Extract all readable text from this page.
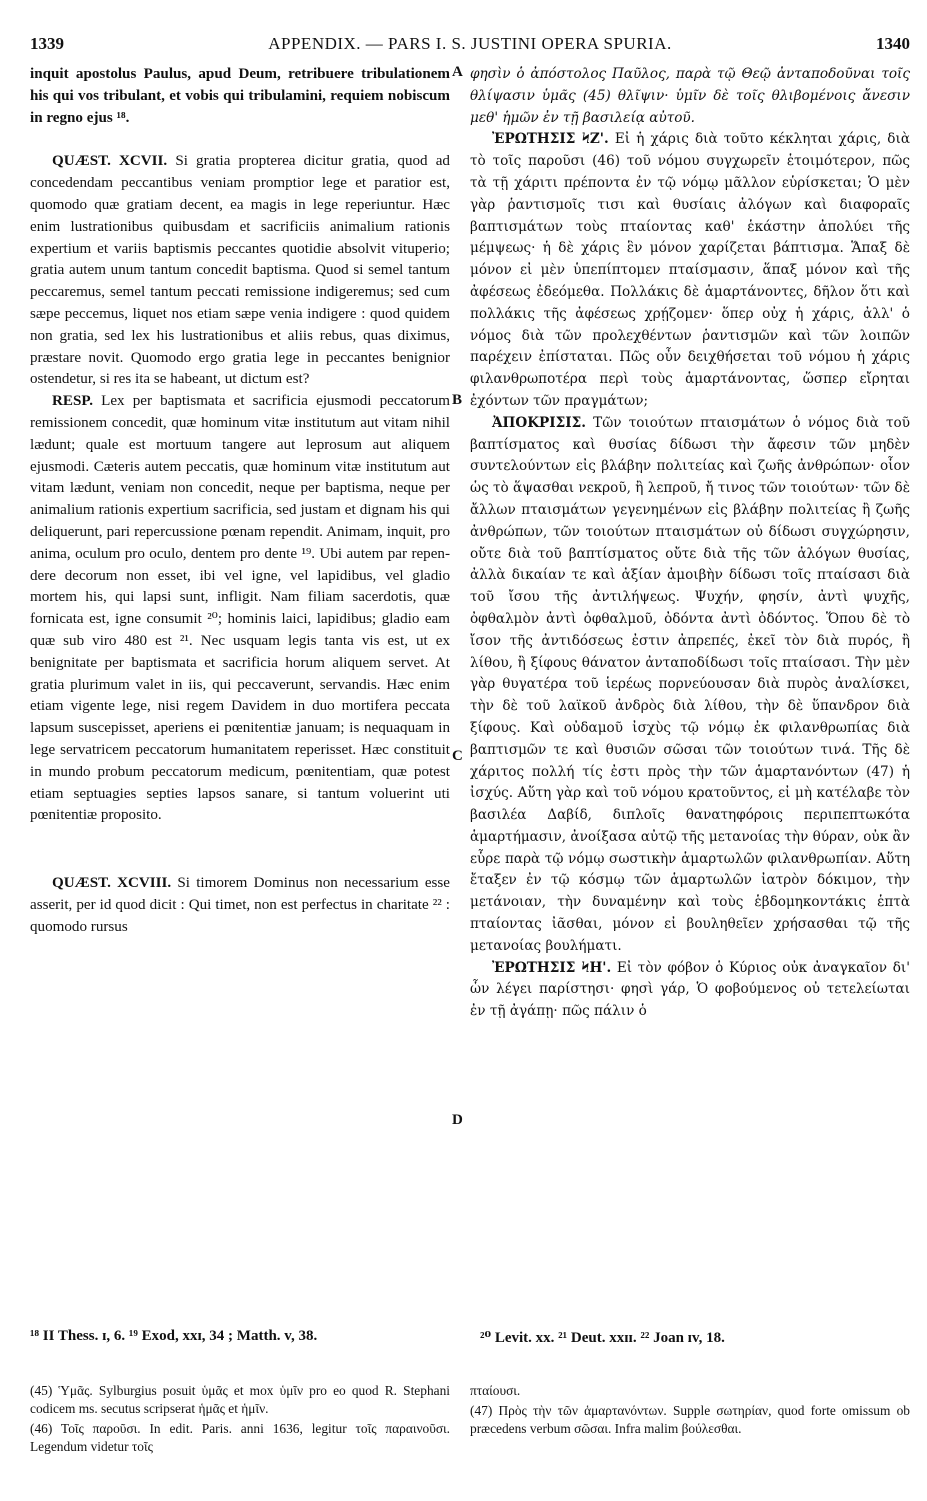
1339	APPENDIX. — PARS I. S. JUSTINI OPERA SPURIA.	1340

inquit apostolus Paulus, apud Deum, retribuere tribulationem his qui vos tribulant, et vobis qui tribulamini, requiem nobiscum in regno ejus ¹⁸.

QUÆST. XCVII. Si gratia propterea dicitur gratia, quod ad concedendam peccantibus veniam promptior lege et paratior est, quomodo quæ gratiam decent, ea magis in lege reperiuntur. Hæc enim lustrationibus quibusdam et sacrificiis animalium rationis expertium et variis baptismis peccantes quotidie absolvit vituperio; gratia autem unum tantum concedit baptisma. Quod si semel tantum peccaremus, semel tantum peccati remissione indigeremus; sed cum sæpe peccemus, liquet nos etiam sæpe venia indigere : quod quidem non gratia, sed lex his lustrationibus et aliis rebus, quas diximus, præstare novit. Quomodo ergo gratia lege in peccantes benignior ostendetur, si res ita se habeant, ut dictum est?

RESP. Lex per baptismata et sacrificia ejusmodi peccatorum remissionem concedit, quæ hominum vitæ institutum aut vitam nihil lædunt; quale est mortuum tangere aut leprosum aut aliquem ejusmodi. Cæteris autem peccatis, quæ hominum vitæ institutum aut vitam lædunt, veniam non concedit, neque per baptisma, neque per animalium rationis expertium sacrificia, sed justam et dignam his qui deliquerunt, pari repercussione pœnam rependit. Animam, inquit, pro anima, oculum pro oculo, dentem pro dente ¹⁹. Ubi autem par rependere decorum non esset, ibi vel igne, vel lapidibus, vel gladio mortem his, qui lapsi sunt, infligit. Nam filiam sacerdotis, quæ fornicata est, igne consumit ²⁰; hominis laici, lapidibus; gladio eam quæ sub viro 480 est ²¹. Nec usquam legis tanta vis est, ut ex benignitate per baptismata et sacrificia horum aliquem servet. At gratia plurimum valet in iis, qui peccaverunt, servandis. Hæc enim etiam vigente lege, nisi regem Davidem in duo mortifera peccata lapsum suscepisset, aperiens ei pœnitentiæ januam; is nequaquam in lege servatricem peccatorum humanitatem reperisset. Hæc constituit in mundo probum peccatorum medicum, pœnitentiam, quæ potest etiam septuagies septies lapsos sanare, si tantum voluerint uti pœnitentiæ proposito.

QUÆST. XCVIII. Si timorem Dominus non necessarium esse asserit, per id quod dicit : Qui timet, non est perfectus in charitate ²² : quomodo rursus

A
B
C
D

φησὶν ὁ ἀπόστολος Παῦλος, παρὰ τῷ Θεῷ ἀνταποδοῦναι τοῖς θλίψασιν ὑμᾶς (45) θλῖψιν· ὑμῖν δὲ τοῖς θλιβομένοις ἄνεσιν μεθ' ἡμῶν ἐν τῇ βασιλείᾳ αὐτοῦ.

ἘΡΩΤΗΣΙΣ ϞΖ'. Εἰ ἡ χάρις διὰ τοῦτο κέκληται χάρις, διὰ τὸ τοῖς παροῦσι (46) τοῦ νόμου συγχωρεῖν ἑτοιμότερον, πῶς τὰ τῇ χάριτι πρέποντα ἐν τῷ νόμῳ μᾶλλον εὑρίσκεται; Ὁ μὲν γὰρ ῥαντισμοῖς τισι καὶ θυσίαις ἀλόγων καὶ διαφοραῖς βαπτισμάτων τοὺς πταίοντας καθ' ἑκάστην ἀπολύει τῆς μέμψεως· ἡ δὲ χάρις ἓν μόνον χαρίζεται βάπτισμα. Ἅπαξ δὲ μόνον εἰ μὲν ὑπεπίπτομεν πταίσμασιν, ἅπαξ μόνον καὶ τῆς ἀφέσεως ἐδεόμεθα. Πολλάκις δὲ ἁμαρτάνοντες, δῆλον ὅτι καὶ πολλάκις τῆς ἀφέσεως χρῄζομεν· ὅπερ οὐχ ἡ χάρις, ἀλλ' ὁ νόμος διὰ τῶν προλεχθέντων ῥαντισμῶν καὶ τῶν λοιπῶν παρέχειν ἐπίσταται. Πῶς οὖν δειχθήσεται τοῦ νόμου ἡ χάρις φιλανθρωποτέρα περὶ τοὺς ἁμαρτάνοντας, ὥσπερ εἴρηται ἐχόντων τῶν πραγμάτων;

ἈΠΟΚΡΙΣΙΣ. Τῶν τοιούτων πταισμάτων ὁ νόμος διὰ τοῦ βαπτίσματος καὶ θυσίας δίδωσι τὴν ἄφεσιν τῶν μηδὲν συντελούντων εἰς βλάβην πολιτείας καὶ ζωῆς ἀνθρώπων· οἷον ὡς τὸ ἅψασθαι νεκροῦ, ἢ λεπροῦ, ἤ τινος τῶν τοιούτων· τῶν δὲ ἄλλων πταισμάτων γεγενημένων εἰς βλάβην πολιτείας ἢ ζωῆς ἀνθρώπων, τῶν τοιούτων πταισμάτων οὐ δίδωσι συγχώρησιν, οὔτε διὰ τοῦ βαπτίσματος οὔτε διὰ τῆς τῶν ἀλόγων θυσίας, ἀλλὰ δικαίαν τε καὶ ἀξίαν ἀμοιβὴν δίδωσι τοῖς πταίσασι διὰ τοῦ ἴσου τῆς ἀντιλήψεως. Ψυχήν, φησίν, ἀντὶ ψυχῆς, ὀφθαλμὸν ἀντὶ ὀφθαλμοῦ, ὀδόντα ἀντὶ ὀδόντος. Ὅπου δὲ τὸ ἴσον τῆς ἀντιδόσεως ἐστιν ἀπρεπές, ἐκεῖ τὸν διὰ πυρός, ἢ λίθου, ἢ ξίφους θάνατον ἀνταποδίδωσι τοῖς πταίσασι. Τὴν μὲν γὰρ θυγατέρα τοῦ ἱερέως πορνεύουσαν διὰ πυρὸς ἀναλίσκει, τὴν δὲ τοῦ λαϊκοῦ ἀνδρὸς διὰ λίθου, τὴν δὲ ὕπανδρον διὰ ξίφους. Καὶ οὐδαμοῦ ἰσχὺς τῷ νόμῳ ἐκ φιλανθρωπίας διὰ βαπτισμῶν τε καὶ θυσιῶν σῶσαι τῶν τοιούτων τινά. Τῆς δὲ χάριτος πολλή τίς ἐστι πρὸς τὴν τῶν ἁμαρτανόντων (47) ἡ ἰσχύς. Αὕτη γὰρ καὶ τοῦ νόμου κρατοῦντος, εἰ μὴ κατέλαβε τὸν βασιλέα Δαβίδ, διπλοῖς θανατηφόροις περιπεπτωκότα ἁμαρτήμασιν, ἀνοίξασα αὐτῷ τῆς μετανοίας τὴν θύραν, οὐκ ἂν εὗρε παρὰ τῷ νόμῳ σωστικὴν ἁμαρτωλῶν φιλανθρωπίαν. Αὕτη ἔταξεν ἐν τῷ κόσμῳ τῶν ἁμαρτωλῶν ἰατρὸν δόκιμον, τὴν μετάνοιαν, τὴν δυναμένην καὶ τοὺς ἑβδομηκοντάκις ἑπτὰ πταίοντας ἰᾶσθαι, μόνον εἰ βουληθεῖεν χρήσασθαι τῷ τῆς μετανοίας βουλήματι.

ἘΡΩΤΗΣΙΣ ϞΗ'. Εἰ τὸν φόβον ὁ Κύριος οὐκ ἀναγκαῖον δι' ὧν λέγει παρίστησι· φησὶ γάρ, Ὁ φοβούμενος οὐ τετελείωται ἐν τῇ ἀγάπῃ· πῶς πάλιν ὁ

¹⁸ II Thess. ɪ, 6. ¹⁹ Exod, xxɪ, 34 ; Matth. v, 38.	²⁰ Levit. xx. ²¹ Deut. xxɪɪ. ²² Joan ɪv, 18.

(45) Ὑμᾶς. Sylburgius posuit ὑμᾶς et mox ὑμῖν pro eo quod R. Stephani codicem ms. secutus scripserat ἡμᾶς et ἡμῖν.

(46) Τοῖς παροῦσι. In edit. Paris. anni 1636, legitur τοῖς παραινοῦσι. Legendum videtur τοῖς

πταίουσι.

(47) Πρὸς τὴν τῶν ἁμαρτανόντων. Supple σωτηρίαν, quod forte omissum ob præcedens verbum σῶσαι. Infra malim βούλεσθαι.
